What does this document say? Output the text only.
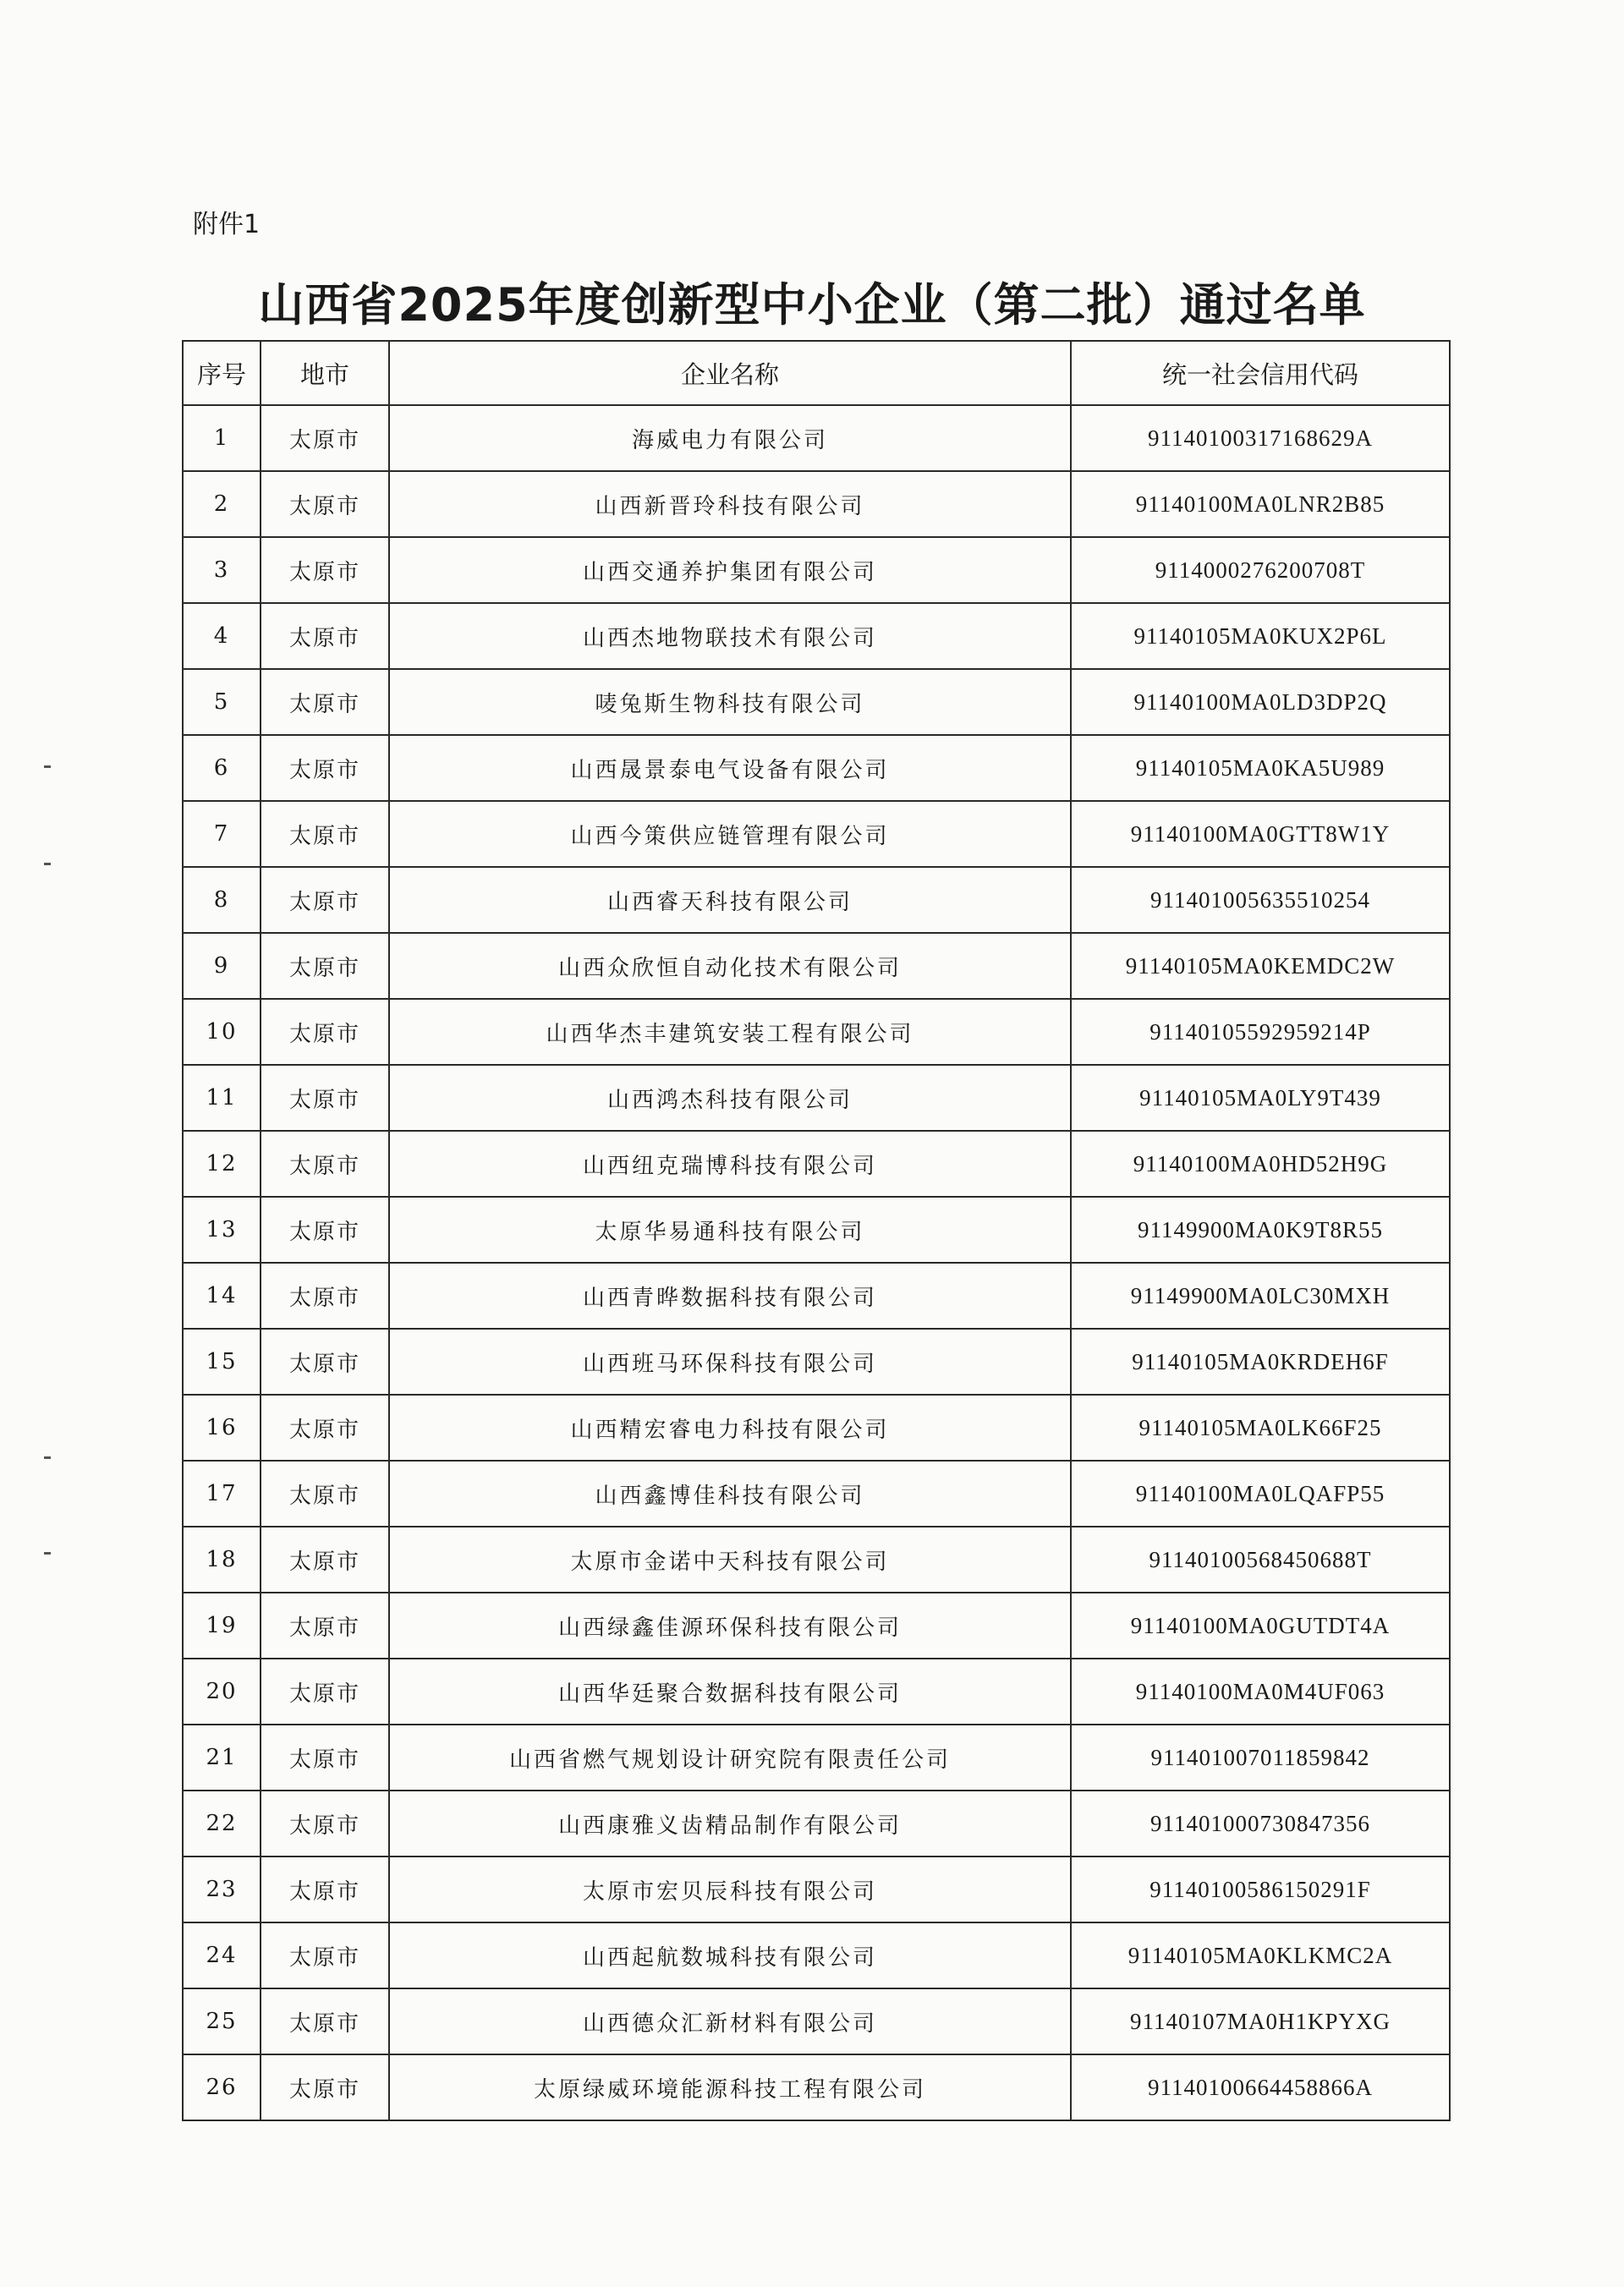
附件1
山西省2025年度创新型中小企业（第二批）通过名单
序号	地市	企业名称	统一社会信用代码
1	太原市	海威电力有限公司	91140100317168629A
2	太原市	山西新晋玲科技有限公司	91140100MA0LNR2B85
3	太原市	山西交通养护集团有限公司	9114000276200708T
4	太原市	山西杰地物联技术有限公司	91140105MA0KUX2P6L
5	太原市	唛兔斯生物科技有限公司	91140100MA0LD3DP2Q
6	太原市	山西晟景泰电气设备有限公司	91140105MA0KA5U989
7	太原市	山西今策供应链管理有限公司	91140100MA0GTT8W1Y
8	太原市	山西睿天科技有限公司	911401005635510254
9	太原市	山西众欣恒自动化技术有限公司	91140105MA0KEMDC2W
10	太原市	山西华杰丰建筑安装工程有限公司	91140105592959214P
11	太原市	山西鸿杰科技有限公司	91140105MA0LY9T439
12	太原市	山西纽克瑞博科技有限公司	91140100MA0HD52H9G
13	太原市	太原华易通科技有限公司	91149900MA0K9T8R55
14	太原市	山西青晔数据科技有限公司	91149900MA0LC30MXH
15	太原市	山西班马环保科技有限公司	91140105MA0KRDEH6F
16	太原市	山西精宏睿电力科技有限公司	91140105MA0LK66F25
17	太原市	山西鑫博佳科技有限公司	91140100MA0LQAFP55
18	太原市	太原市金诺中天科技有限公司	91140100568450688T
19	太原市	山西绿鑫佳源环保科技有限公司	91140100MA0GUTDT4A
20	太原市	山西华廷聚合数据科技有限公司	91140100MA0M4UF063
21	太原市	山西省燃气规划设计研究院有限责任公司	911401007011859842
22	太原市	山西康雅义齿精品制作有限公司	911401000730847356
23	太原市	太原市宏贝辰科技有限公司	91140100586150291F
24	太原市	山西起航数城科技有限公司	91140105MA0KLKMC2A
25	太原市	山西德众汇新材料有限公司	91140107MA0H1KPYXG
26	太原市	太原绿威环境能源科技工程有限公司	91140100664458866A
